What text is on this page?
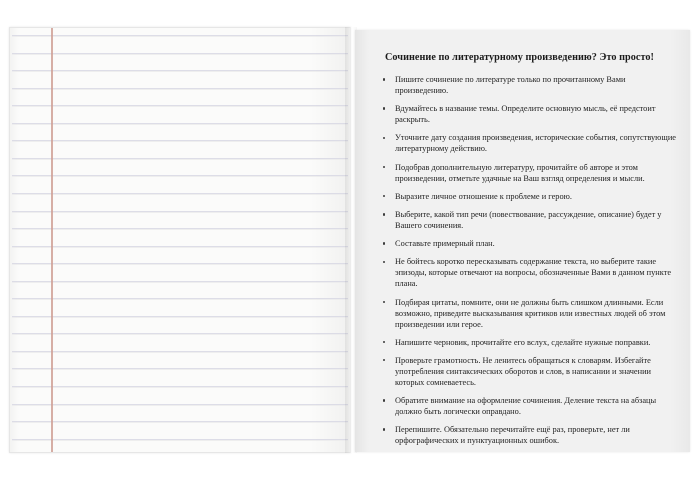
Сочинение по литературному произведению? Это просто!
Пишите сочинение по литературе только по прочитанному Вами произведению.
Вдумайтесь в название темы. Определите основную мысль, её предстоит раскрыть.
Уточните дату создания произведения, исторические события, сопутствующие литературному действию.
Подобрав дополнительную литературу, прочитайте об авторе и этом произведении, отметьте удачные на Ваш взгляд определения и мысли.
Выразите личное отношение к проблеме и герою.
Выберите, какой тип речи (повествование, рассуждение, описание) будет у Вашего сочинения.
Составьте примерный план.
Не бойтесь коротко пересказывать содержание текста, но выберите такие эпизоды, которые отвечают на вопросы, обозначенные Вами в данном пункте плана.
Подбирая цитаты, помните, они не должны быть слишком длинными. Если возможно, приведите высказывания критиков или известных людей об этом произведении или герое.
Напишите черновик, прочитайте его вслух, сделайте нужные поправки.
Проверьте грамотность. Не ленитесь обращаться к словарям. Избегайте употребления синтаксических оборотов и слов, в написании и значении которых сомневаетесь.
Обратите внимание на оформление сочинения. Деление текста на абзацы должно быть логически оправдано.
Перепишите. Обязательно перечитайте ещё раз, проверьте, нет ли орфографических и пунктуационных ошибок.
